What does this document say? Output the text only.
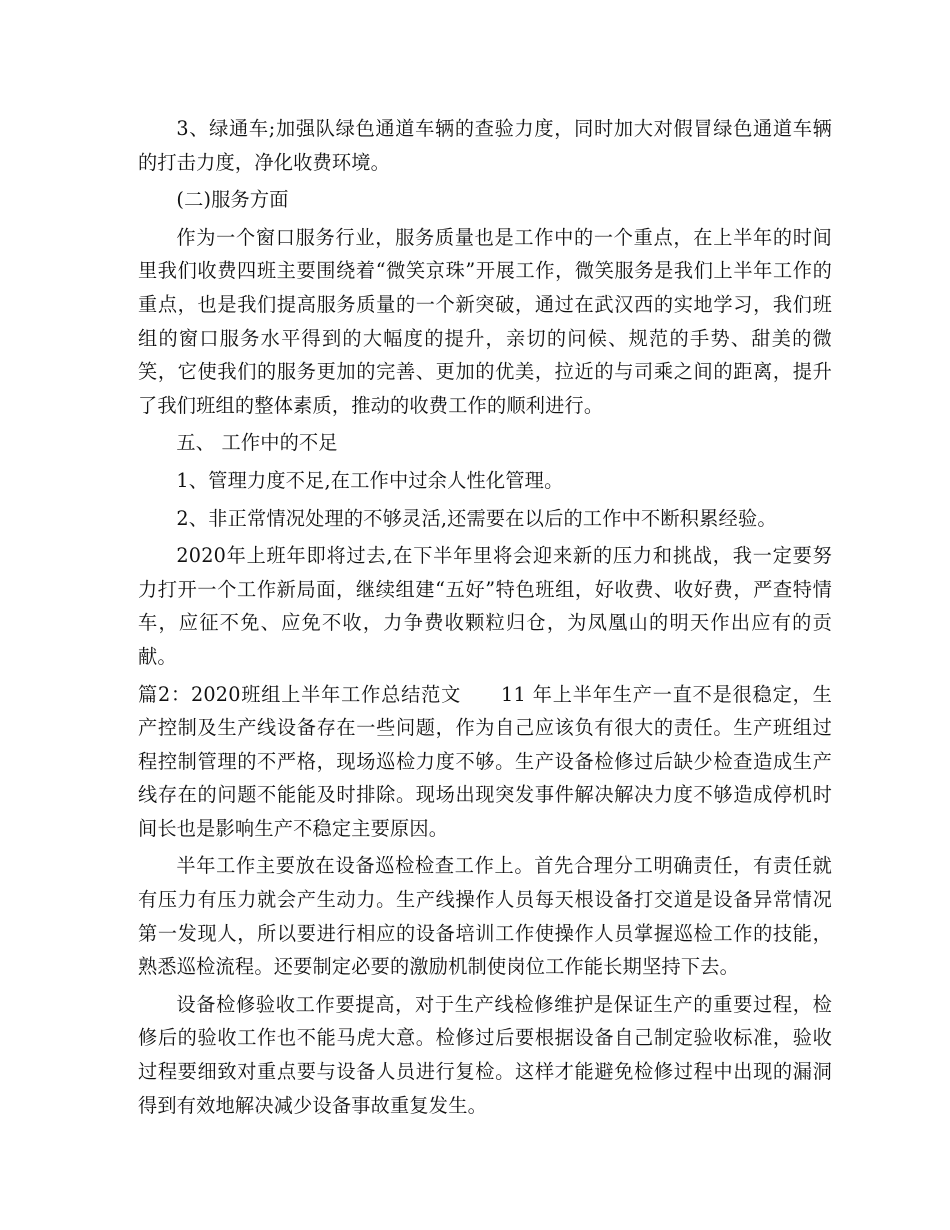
3、绿通车;加强队绿色通道车辆的查验力度，同时加大对假冒绿色通道车辆的打击力度，净化收费环境。

(二)服务方面

作为一个窗口服务行业，服务质量也是工作中的一个重点，在上半年的时间里我们收费四班主要围绕着“微笑京珠”开展工作，微笑服务是我们上半年工作的重点，也是我们提高服务质量的一个新突破，通过在武汉西的实地学习，我们班组的窗口服务水平得到的大幅度的提升，亲切的问候、规范的手势、甜美的微笑，它使我们的服务更加的完善、更加的优美，拉近的与司乘之间的距离，提升了我们班组的整体素质，推动的收费工作的顺利进行。

五、 工作中的不足

1、管理力度不足,在工作中过余人性化管理。

2、非正常情况处理的不够灵活,还需要在以后的工作中不断积累经验。

2020年上班年即将过去,在下半年里将会迎来新的压力和挑战，我一定要努力打开一个工作新局面，继续组建“五好”特色班组，好收费、收好费，严查特情车，应征不免、应免不收，力争费收颗粒归仓，为凤凰山的明天作出应有的贡献。

篇2：2020班组上半年工作总结范文　　11 年上半年生产一直不是很稳定，生产控制及生产线设备存在一些问题，作为自己应该负有很大的责任。生产班组过程控制管理的不严格，现场巡检力度不够。生产设备检修过后缺少检查造成生产线存在的问题不能能及时排除。现场出现突发事件解决解决力度不够造成停机时间长也是影响生产不稳定主要原因。

半年工作主要放在设备巡检检查工作上。首先合理分工明确责任，有责任就有压力有压力就会产生动力。生产线操作人员每天根设备打交道是设备异常情况第一发现人，所以要进行相应的设备培训工作使操作人员掌握巡检工作的技能，熟悉巡检流程。还要制定必要的激励机制使岗位工作能长期坚持下去。

设备检修验收工作要提高，对于生产线检修维护是保证生产的重要过程，检修后的验收工作也不能马虎大意。检修过后要根据设备自己制定验收标准，验收过程要细致对重点要与设备人员进行复检。这样才能避免检修过程中出现的漏洞得到有效地解决减少设备事故重复发生。
